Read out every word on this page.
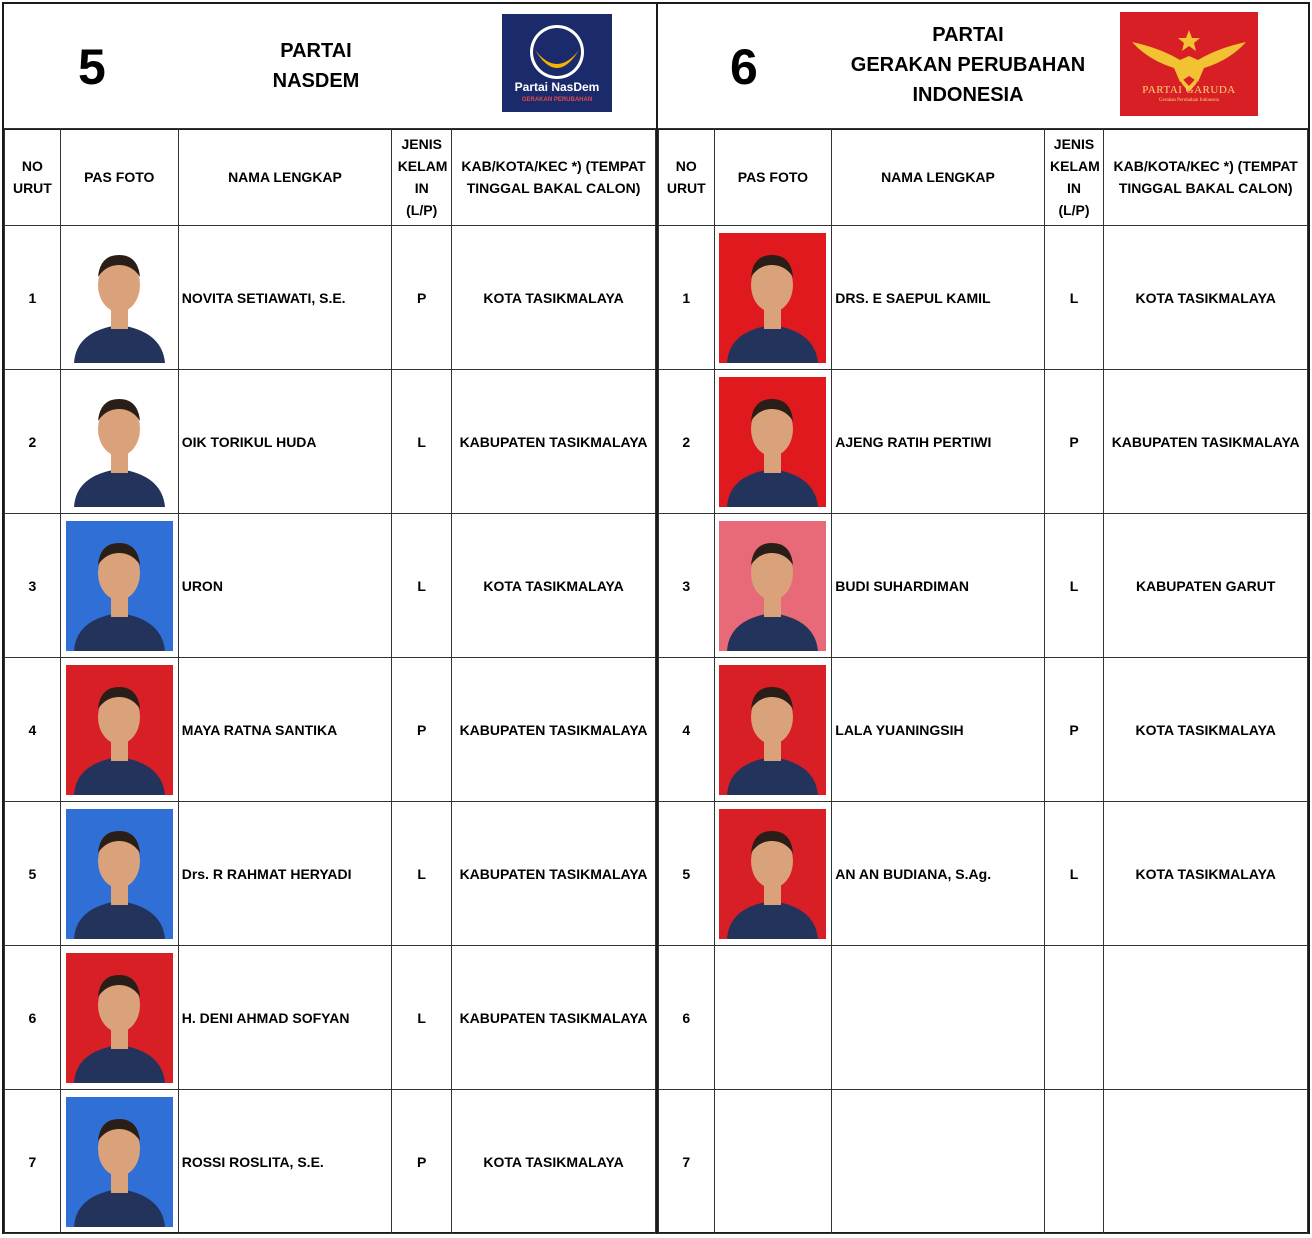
5	PARTAI
NASDEM	Partai NasDem
GERAKAN PERUBAHAN
NO URUT	PAS FOTO	NAMA LENGKAP	JENIS KELAM IN (L/P)	KAB/KOTA/KEC *) (TEMPAT TINGGAL BAKAL CALON)

1		NOVITA SETIAWATI, S.E.	P	KOTA TASIKMALAYA
2		OIK TORIKUL HUDA	L	KABUPATEN TASIKMALAYA
3		URON	L	KOTA TASIKMALAYA
4		MAYA RATNA SANTIKA	P	KABUPATEN TASIKMALAYA
5		Drs. R RAHMAT HERYADI	L	KABUPATEN TASIKMALAYA
6		H. DENI AHMAD SOFYAN	L	KABUPATEN TASIKMALAYA
7		ROSSI ROSLITA, S.E.	P	KOTA TASIKMALAYA
6
PARTAI
GERAKAN PERUBAHAN
INDONESIA	PARTAI GARUDA
Gerakan Perubahan Indonesia
NO URUT	PAS FOTO	NAMA LENGKAP	JENIS KELAM IN (L/P)	KAB/KOTA/KEC *) (TEMPAT TINGGAL BAKAL CALON)

1		DRS. E SAEPUL KAMIL	L	KOTA TASIKMALAYA
2		AJENG RATIH PERTIWI	P	KABUPATEN TASIKMALAYA
3		BUDI SUHARDIMAN	L	KABUPATEN GARUT
4		LALA YUANINGSIH	P	KOTA TASIKMALAYA
5		AN AN BUDIANA, S.Ag.	L	KOTA TASIKMALAYA
6				
7				
